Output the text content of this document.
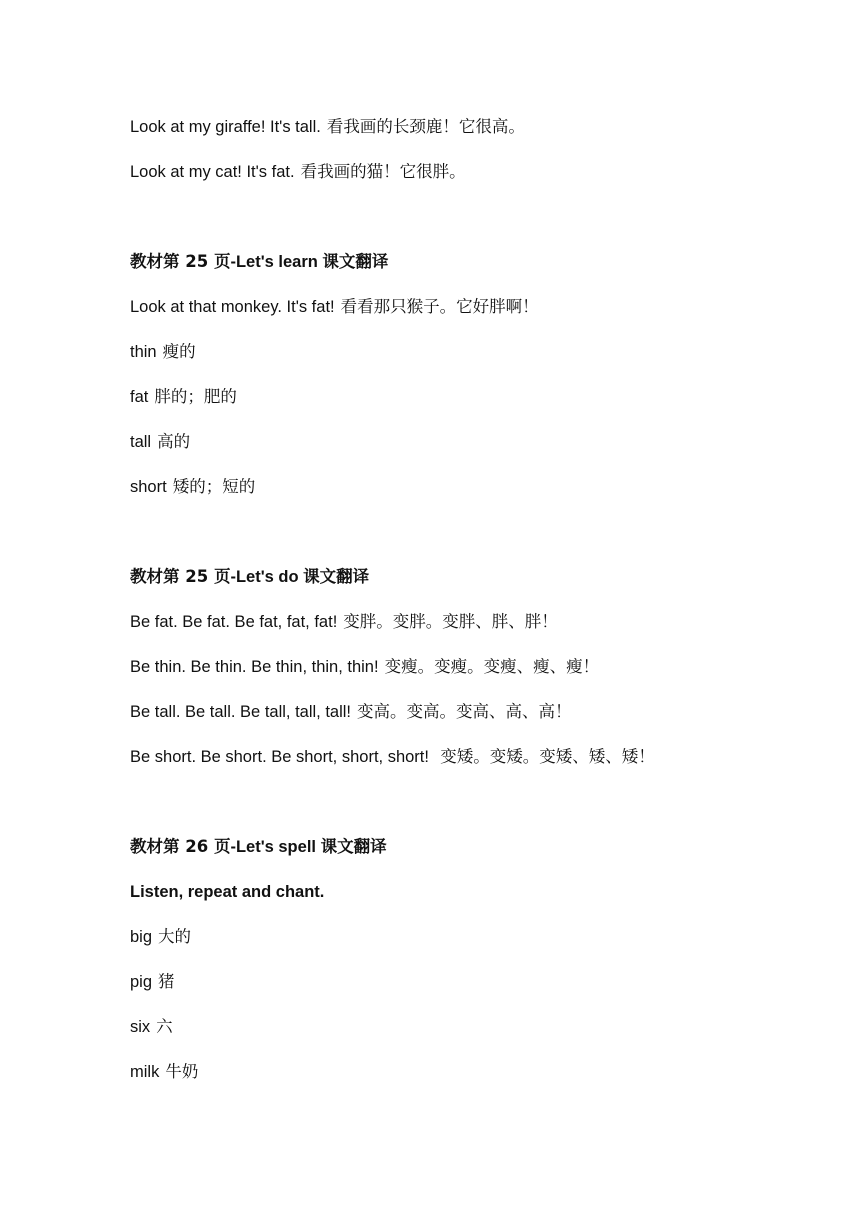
Look at my giraffe! It's tall. 看我画的长颈鹿！它很高。
Look at my cat! It's fat. 看我画的猫！它很胖。
教材第 25 页-Let's learn 课文翻译
Look at that monkey. It's fat! 看看那只猴子。它好胖啊！
thin 瘦的
fat 胖的；肥的
tall 高的
short 矮的；短的
教材第 25 页-Let's do 课文翻译
Be fat. Be fat. Be fat, fat, fat! 变胖。变胖。变胖、胖、胖！
Be thin. Be thin. Be thin, thin, thin! 变瘦。变瘦。变瘦、瘦、瘦！
Be tall. Be tall. Be tall, tall, tall! 变高。变高。变高、高、高！
Be short. Be short. Be short, short, short! 变矮。变矮。变矮、矮、矮！
教材第 26 页-Let's spell 课文翻译
Listen, repeat and chant.
big 大的
pig 猪
six 六
milk 牛奶
